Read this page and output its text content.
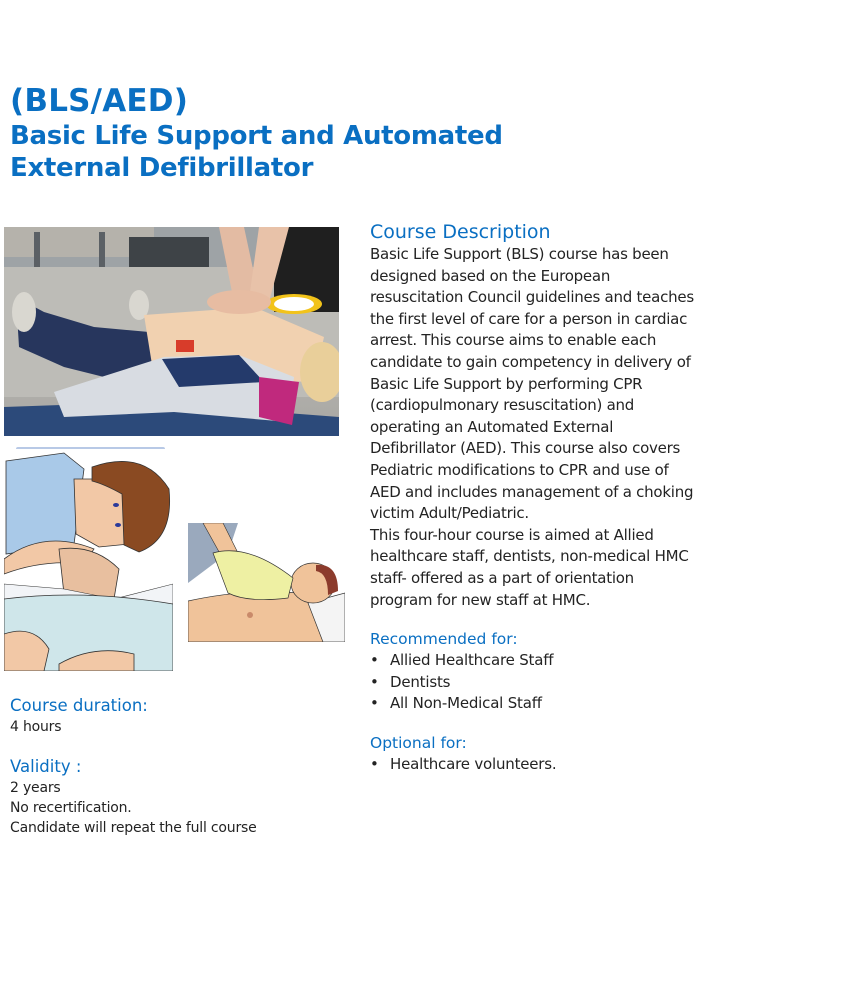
(BLS/AED)
Basic Life Support and Automated External Defibrillator
Course Description
Basic Life Support (BLS) course has been designed based on the European resuscitation Council guidelines and teaches the first level of care for a person in cardiac arrest. This course aims to enable each candidate to gain competency in delivery of Basic Life Support by performing CPR (cardiopulmonary resuscitation) and operating an Automated External Defibrillator (AED). This course also covers Pediatric modifications to CPR and use of AED and includes management of a choking victim Adult/Pediatric.
This four-hour course is aimed at Allied healthcare staff, dentists, non-medical HMC staff- offered as a part of orientation program for new staff at HMC.
Recommended for:
• Allied Healthcare Staff
• Dentists
• All Non-Medical Staff
Optional for:
• Healthcare volunteers.
Course duration:
4 hours
Validity :
2 years
No recertification.
Candidate will repeat the full course
